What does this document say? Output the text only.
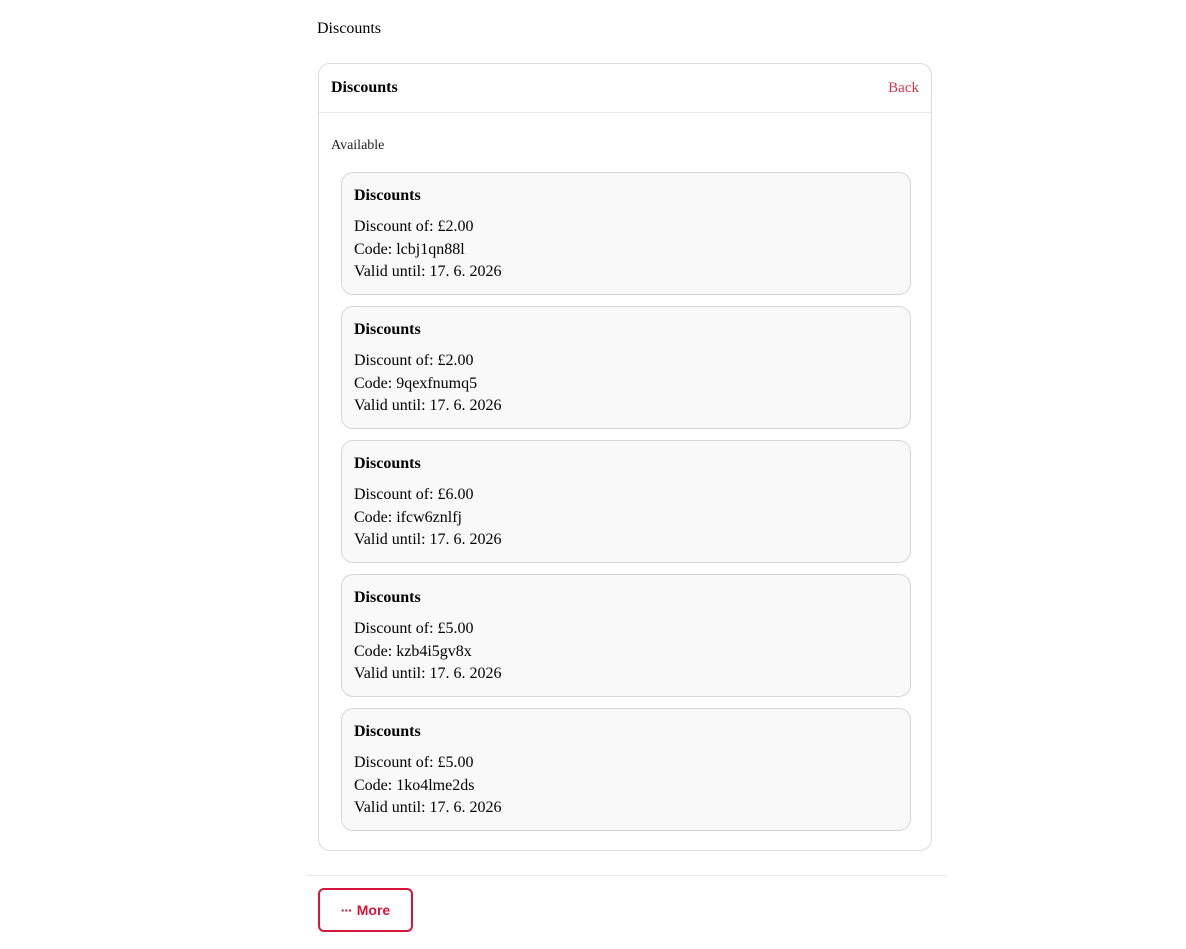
Discounts
Discounts	Back
Available
Discounts
Discount of: £2.00
Code: lcbj1qn88l
Valid until: 17. 6. 2026
Discounts
Discount of: £2.00
Code: 9qexfnumq5
Valid until: 17. 6. 2026
Discounts
Discount of: £6.00
Code: ifcw6znlfj
Valid until: 17. 6. 2026
Discounts
Discount of: £5.00
Code: kzb4i5gv8x
Valid until: 17. 6. 2026
Discounts
Discount of: £5.00
Code: 1ko4lme2ds
Valid until: 17. 6. 2026
··· More
